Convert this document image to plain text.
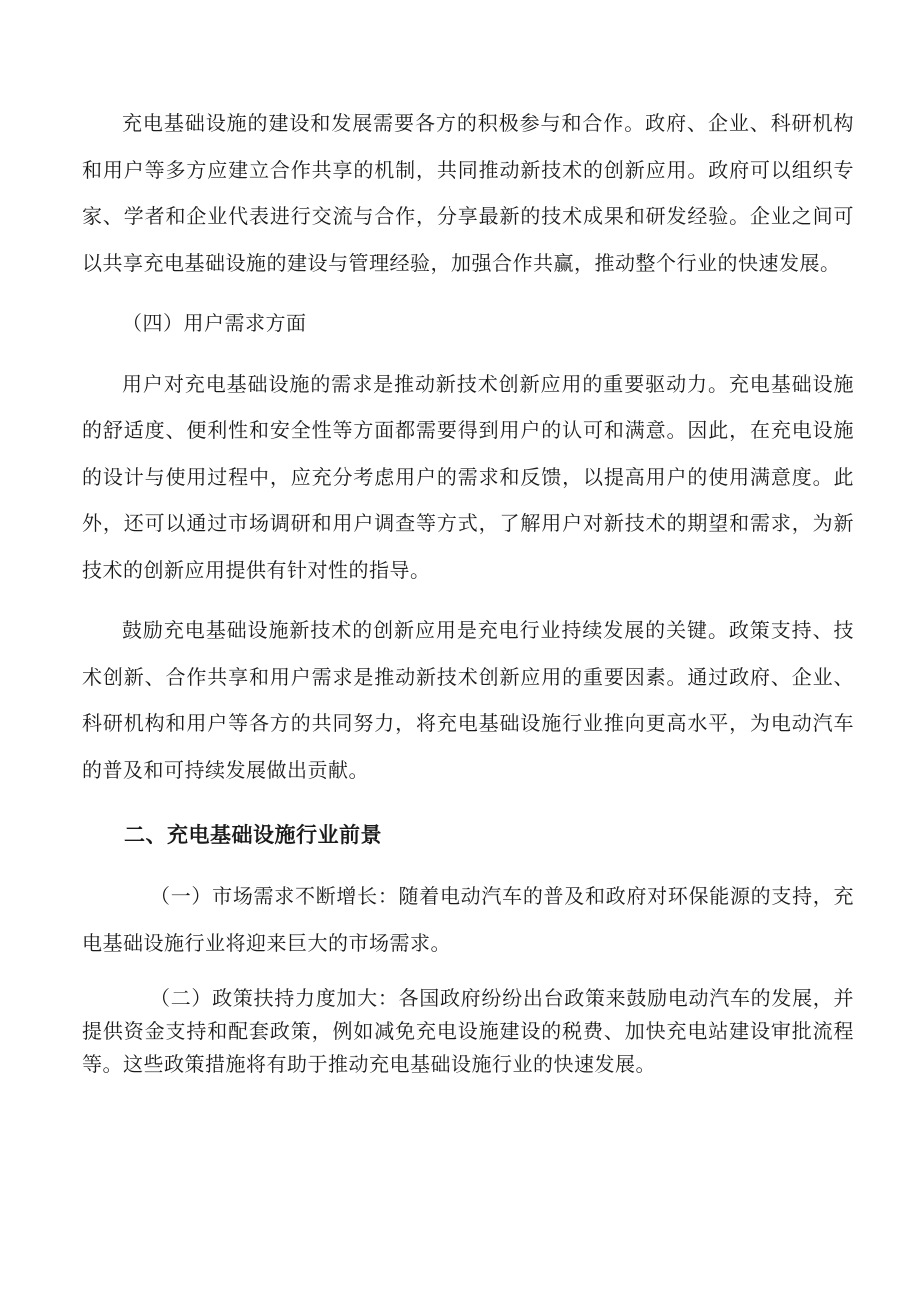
充电基础设施的建设和发展需要各方的积极参与和合作。政府、企业、科研机构和用户等多方应建立合作共享的机制，共同推动新技术的创新应用。政府可以组织专家、学者和企业代表进行交流与合作，分享最新的技术成果和研发经验。企业之间可以共享充电基础设施的建设与管理经验，加强合作共赢，推动整个行业的快速发展。

（四）用户需求方面

用户对充电基础设施的需求是推动新技术创新应用的重要驱动力。充电基础设施的舒适度、便利性和安全性等方面都需要得到用户的认可和满意。因此，在充电设施的设计与使用过程中，应充分考虑用户的需求和反馈，以提高用户的使用满意度。此外，还可以通过市场调研和用户调查等方式，了解用户对新技术的期望和需求，为新技术的创新应用提供有针对性的指导。

鼓励充电基础设施新技术的创新应用是充电行业持续发展的关键。政策支持、技术创新、合作共享和用户需求是推动新技术创新应用的重要因素。通过政府、企业、科研机构和用户等各方的共同努力，将充电基础设施行业推向更高水平，为电动汽车的普及和可持续发展做出贡献。

二、充电基础设施行业前景

（一）市场需求不断增长：随着电动汽车的普及和政府对环保能源的支持，充电基础设施行业将迎来巨大的市场需求。

（二）政策扶持力度加大：各国政府纷纷出台政策来鼓励电动汽车的发展，并提供资金支持和配套政策，例如减免充电设施建设的税费、加快充电站建设审批流程等。这些政策措施将有助于推动充电基础设施行业的快速发展。
